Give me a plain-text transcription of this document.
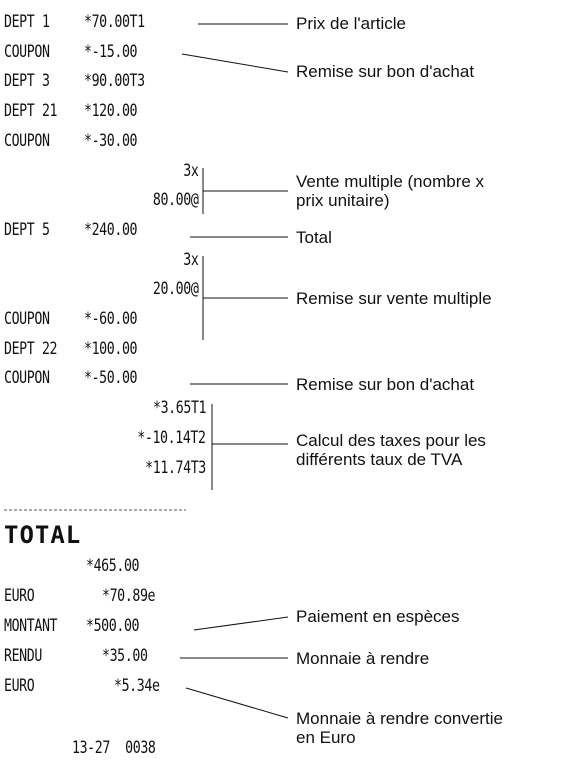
DEPT 1 *70.00T1
COUPON *-15.00
DEPT 3 *90.00T3
DEPT 21 *120.00
COUPON *-30.00
3x
80.00@
DEPT 5 *240.00
3x
20.00@
COUPON *-60.00
DEPT 22 *100.00
COUPON *-50.00
*3.65T1
*-10.14T2
*11.74T3
TOTAL
*465.00
EURO	*70.89e
MONTANT *500.00
RENDU	*35.00
EURO	*5.34e
13-27  0038
Prix de l'article
Remise sur bon d'achat
Vente multiple (nombre x
prix unitaire)
Total
Remise sur vente multiple
Remise sur bon d'achat
Calcul des taxes pour les
différents taux de TVA
Paiement en espèces
Monnaie à rendre
Monnaie à rendre convertie
en Euro
